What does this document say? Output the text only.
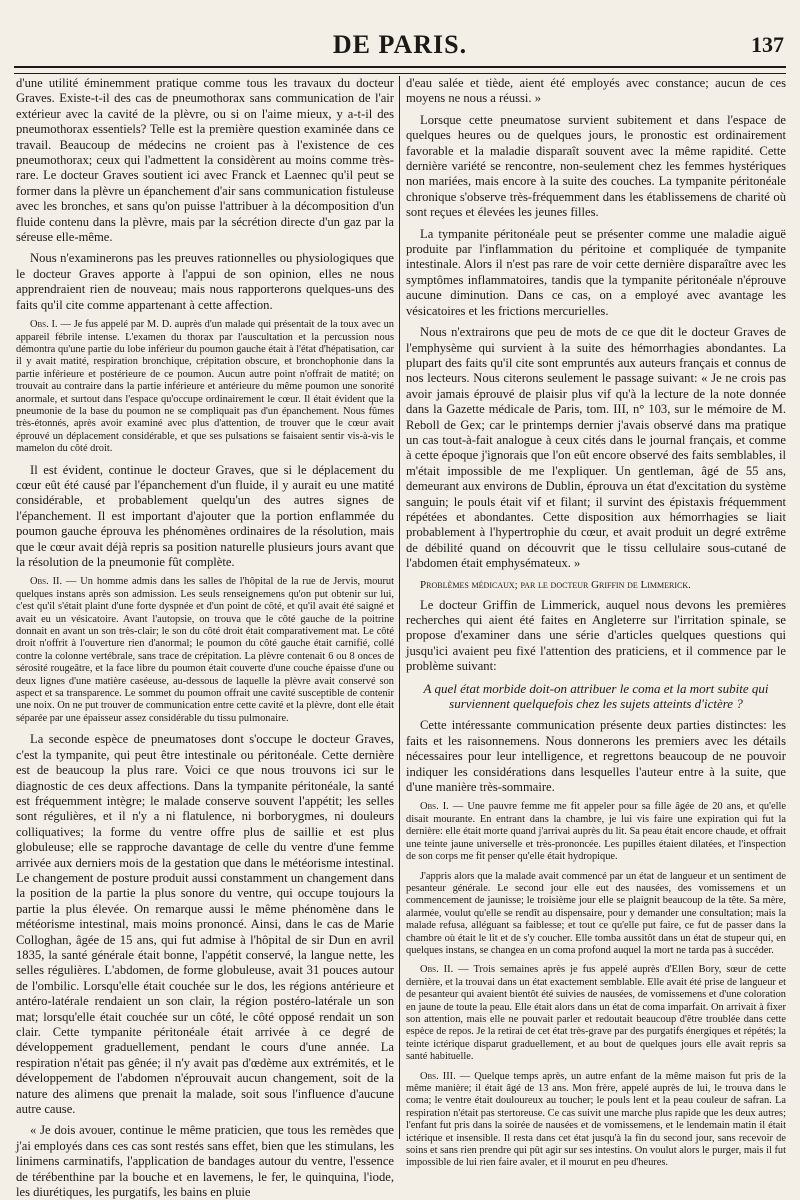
DE PARIS.	137

d'une utilité éminemment pratique comme tous les travaux du docteur Graves. Existe-t-il des cas de pneumothorax sans communication de l'air extérieur avec la cavité de la plèvre, ou si on l'aime mieux, y a-t-il des pneumothorax essentiels? Telle est la première question examinée dans ce travail. Beaucoup de médecins ne croient pas à l'existence de ces pneumothorax; ceux qui l'admettent la considèrent au moins comme très-rare. Le docteur Graves soutient ici avec Franck et Laennec qu'il peut se former dans la plèvre un épanchement d'air sans communication fistuleuse avec les bronches, et sans qu'on puisse l'attribuer à la décomposition d'un fluide contenu dans la plèvre, mais par la sécrétion directe d'un gaz par la séreuse elle-même.

Nous n'examinerons pas les preuves rationnelles ou physiologiques que le docteur Graves apporte à l'appui de son opinion, elles ne nous apprendraient rien de nouveau; mais nous rapporterons quelques-uns des faits qu'il cite comme appartenant à cette affection.

Obs. I. — Je fus appelé par M. D. auprès d'un malade qui présentait de la toux avec un appareil fébrile intense. L'examen du thorax par l'auscultation et la percussion nous démontra qu'une partie du lobe inférieur du poumon gauche était à l'état d'hépatisation, car il y avait matité, respiration bronchique, crépitation obscure, et bronchophonie dans la partie inférieure et postérieure de ce poumon. Aucun autre point n'offrait de matité; on trouvait au contraire dans la partie inférieure et antérieure du même poumon une sonorité anormale, et surtout dans l'espace qu'occupe ordinairement le cœur. Il était évident que la pneumonie de la base du poumon ne se compliquait pas d'un épanchement. Nous fûmes très-étonnés, après avoir examiné avec plus d'attention, de trouver que le cœur avait éprouvé un déplacement considérable, et que ses pulsations se faisaient sentir vis-à-vis le mamelon du côté droit.

Il est évident, continue le docteur Graves, que si le déplacement du cœur eût été causé par l'épanchement d'un fluide, il y aurait eu une matité considérable, et probablement quelqu'un des autres signes de l'épanchement. Il est important d'ajouter que la portion enflammée du poumon gauche éprouva les phénomènes ordinaires de la résolution, mais que le cœur avait déjà repris sa position naturelle plusieurs jours avant que la résolution de la pneumonie fût complète.

Obs. II. — Un homme admis dans les salles de l'hôpital de la rue de Jervis, mourut quelques instans après son admission. Les seuls renseignemens qu'on put obtenir sur lui, c'est qu'il s'était plaint d'une forte dyspnée et d'un point de côté, et qu'il avait été saigné et avait eu un vésicatoire. Avant l'autopsie, on trouva que le côté gauche de la poitrine donnait en avant un son très-clair; le son du côté droit était comparativement mat. Le côté droit n'offrit à l'ouverture rien d'anormal; le poumon du côté gauche était carnifié, collé contre la colonne vertébrale, sans trace de crépitation. La plèvre contenait 6 ou 8 onces de sérosité rougeâtre, et la face libre du poumon était couverte d'une couche épaisse d'une ou deux lignes d'une matière caséeuse, au-dessous de laquelle la plèvre avait conservé son aspect et sa transparence. Le sommet du poumon offrait une cavité susceptible de contenir une noix. On ne put trouver de communication entre cette cavité et la plèvre, dont elle était séparée par une épaisseur assez considérable du tissu pulmonaire.

La seconde espèce de pneumatoses dont s'occupe le docteur Graves, c'est la tympanite, qui peut être intestinale ou péritonéale. Cette dernière est de beaucoup la plus rare. Voici ce que nous trouvons ici sur le diagnostic de ces deux affections. Dans la tympanite péritonéale, la santé est fréquemment intègre; le malade conserve souvent l'appétit; les selles sont régulières, et il n'y a ni flatulence, ni borborygmes, ni douleurs colliquatives; la forme du ventre offre plus de saillie et est plus globuleuse; elle se rapproche davantage de celle du ventre d'une femme arrivée aux derniers mois de la gestation que dans le météorisme intestinal. Le changement de posture produit aussi constamment un changement dans la position de la partie la plus sonore du ventre, qui occupe toujours la partie la plus élevée. On remarque aussi le même phénomène dans le météorisme intestinal, mais moins prononcé. Ainsi, dans le cas de Marie Colloghan, âgée de 15 ans, qui fut admise à l'hôpital de sir Dun en avril 1835, la santé générale était bonne, l'appétit conservé, la langue nette, les selles régulières. L'abdomen, de forme globuleuse, avait 31 pouces autour de l'ombilic. Lorsqu'elle était couchée sur le dos, les régions antérieure et antéro-latérale rendaient un son clair, la région postéro-latérale un son mat; lorsqu'elle était couchée sur un côté, le côté opposé rendait un son clair. Cette tympanite péritonéale était arrivée à ce degré de développement graduellement, pendant le cours d'une année. La respiration n'était pas gênée; il n'y avait pas d'œdème aux extrémités, et le développement de l'abdomen n'éprouvait aucun changement, soit de la nature des alimens que prenait la malade, soit sous l'influence d'aucune autre cause.

« Je dois avouer, continue le même praticien, que tous les remèdes que j'ai employés dans ces cas sont restés sans effet, bien que les stimulans, les linimens carminatifs, l'application de bandages autour du ventre, l'essence de térébenthine par la bouche et en lavemens, le fer, le quinquina, l'iode, les diurétiques, les purgatifs, les bains en pluie

d'eau salée et tiède, aient été employés avec constance; aucun de ces moyens ne nous a réussi. »

Lorsque cette pneumatose survient subitement et dans l'espace de quelques heures ou de quelques jours, le pronostic est ordinairement favorable et la maladie disparaît souvent avec la même rapidité. Cette dernière variété se rencontre, non-seulement chez les femmes hystériques non mariées, mais encore à la suite des couches. La tympanite péritonéale chronique s'observe très-fréquemment dans les établissemens de charité où sont reçues et élevées les jeunes filles.

La tympanite péritonéale peut se présenter comme une maladie aiguë produite par l'inflammation du péritoine et compliquée de tympanite intestinale. Alors il n'est pas rare de voir cette dernière disparaître avec les symptômes inflammatoires, tandis que la tympanite péritonéale n'éprouve aucune diminution. Dans ce cas, on a employé avec avantage les vésicatoires et les frictions mercurielles.

Nous n'extrairons que peu de mots de ce que dit le docteur Graves de l'emphysème qui survient à la suite des hémorrhagies abondantes. La plupart des faits qu'il cite sont empruntés aux auteurs français et connus de nos lecteurs. Nous citerons seulement le passage suivant: « Je ne crois pas avoir jamais éprouvé de plaisir plus vif qu'à la lecture de la note donnée dans la Gazette médicale de Paris, tom. III, n° 103, sur le mémoire de M. Reboll de Gex; car le printemps dernier j'avais observé dans ma pratique un cas tout-à-fait analogue à ceux cités dans le journal français, et comme à cette époque j'ignorais que l'on eût encore observé des faits semblables, il m'était impossible de me l'expliquer. Un gentleman, âgé de 55 ans, demeurant aux environs de Dublin, éprouva un état d'excitation du système sanguin; le pouls était vif et filant; il survint des épistaxis fréquemment répétées et abondantes. Cette disposition aux hémorrhagies se liait probablement à l'hypertrophie du cœur, et avait produit un degré extrême de débilité quand on découvrit que le tissu cellulaire sous-cutané de l'abdomen était emphysémateux. »

Problèmes médicaux; par le docteur Griffin de Limmerick.

Le docteur Griffin de Limmerick, auquel nous devons les premières recherches qui aient été faites en Angleterre sur l'irritation spinale, se propose d'examiner dans une série d'articles quelques questions qui jusqu'ici avaient peu fixé l'attention des praticiens, et il commence par le problème suivant:

A quel état morbide doit-on attribuer le coma et la mort subite qui surviennent quelquefois chez les sujets atteints d'ictère ?

Cette intéressante communication présente deux parties distinctes: les faits et les raisonnemens. Nous donnerons les premiers avec les détails nécessaires pour leur intelligence, et regrettons beaucoup de ne pouvoir indiquer les considérations dans lesquelles l'auteur entre à la suite, que d'une manière très-sommaire.

Obs. I. — Une pauvre femme me fit appeler pour sa fille âgée de 20 ans, et qu'elle disait mourante. En entrant dans la chambre, je lui vis faire une expiration qui fut la dernière: elle était morte quand j'arrivai auprès du lit. Sa peau était encore chaude, et offrait une teinte jaune universelle et très-prononcée. Les pupilles étaient dilatées, et l'inspection de son corps me fit penser qu'elle était hydropique.

J'appris alors que la malade avait commencé par un état de langueur et un sentiment de pesanteur générale. Le second jour elle eut des nausées, des vomissemens et un commencement de jaunisse; le troisième jour elle se plaignit beaucoup de la tête. Sa mère, alarmée, voulut qu'elle se rendît au dispensaire, pour y demander une consultation; mais la malade refusa, alléguant sa faiblesse; et tout ce qu'elle put faire, ce fut de passer dans la chambre où était le lit et de s'y coucher. Elle tomba aussitôt dans un état de stupeur qui, en quelques instans, se changea en un coma profond auquel la mort ne tarda pas à succéder.

Obs. II. — Trois semaines après je fus appelé auprès d'Ellen Bory, sœur de cette dernière, et la trouvai dans un état exactement semblable. Elle avait été prise de langueur et de pesanteur qui avaient bientôt été suivies de nausées, de vomissemens et d'une coloration en jaune de toute la peau. Elle était alors dans un état de coma imparfait. On arrivait à fixer son attention, mais elle ne pouvait parler et redoutait beaucoup d'être troublée dans cette espèce de repos. Je la retirai de cet état très-grave par des purgatifs énergiques et répétés; la teinte ictérique disparut graduellement, et au bout de quelques jours elle avait repris sa santé habituelle.

Obs. III. — Quelque temps après, un autre enfant de la même maison fut pris de la même manière; il était âgé de 13 ans. Mon frère, appelé auprès de lui, le trouva dans le coma; le ventre était douloureux au toucher; le pouls lent et la peau couleur de safran. La respiration n'était pas stertoreuse. Ce cas suivit une marche plus rapide que les deux autres; l'enfant fut pris dans la soirée de nausées et de vomissemens, et le lendemain matin il était ictérique et insensible. Il resta dans cet état jusqu'à la fin du second jour, sans recevoir de soins et sans rien prendre qui pût agir sur ses intestins. On voulut alors le purger, mais il fut impossible de lui rien faire avaler, et il mourut en peu d'heures.
